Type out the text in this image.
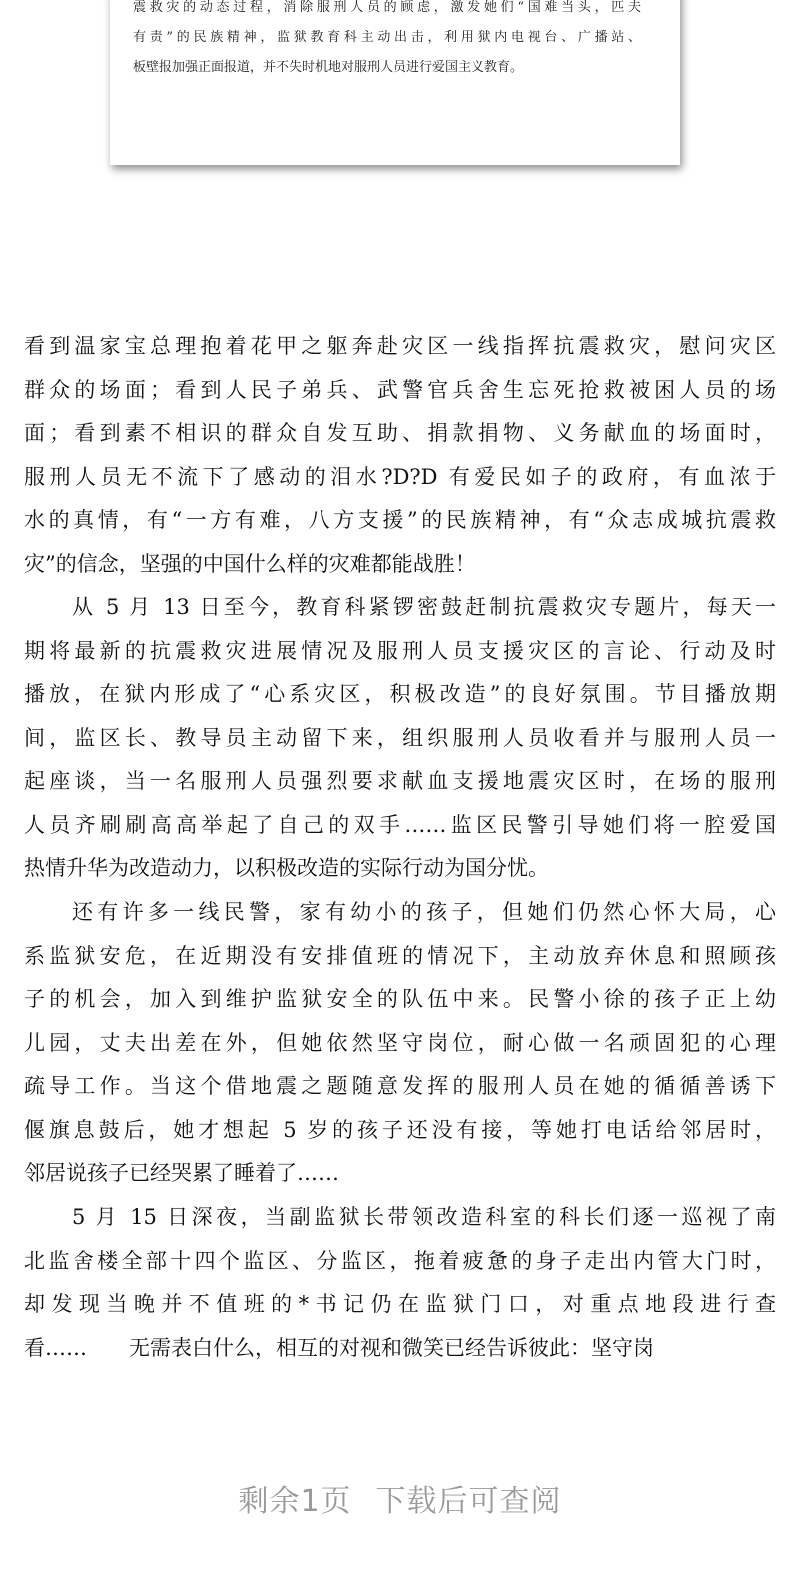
震救灾的动态过程，消除服刑人员的顾虑，激发她们“国难当头，匹夫
有责”的民族精神，监狱教育科主动出击，利用狱内电视台、广播站、
板壁报加强正面报道，并不失时机地对服刑人员进行爱国主义教育。
看到温家宝总理抱着花甲之躯奔赴灾区一线指挥抗震救灾，慰问灾区
群众的场面；看到人民子弟兵、武警官兵舍生忘死抢救被困人员的场
面；看到素不相识的群众自发互助、捐款捐物、义务献血的场面时，
服刑人员无不流下了感动的泪水?D?D 有爱民如子的政府，有血浓于
水的真情，有“一方有难，八方支援”的民族精神，有“众志成城抗震救
灾”的信念，坚强的中国什么样的灾难都能战胜！
从 5 月 13 日至今，教育科紧锣密鼓赶制抗震救灾专题片，每天一
期将最新的抗震救灾进展情况及服刑人员支援灾区的言论、行动及时
播放，在狱内形成了“心系灾区，积极改造”的良好氛围。节目播放期
间，监区长、教导员主动留下来，组织服刑人员收看并与服刑人员一
起座谈，当一名服刑人员强烈要求献血支援地震灾区时，在场的服刑
人员齐刷刷高高举起了自己的双手……监区民警引导她们将一腔爱国
热情升华为改造动力，以积极改造的实际行动为国分忧。
还有许多一线民警，家有幼小的孩子，但她们仍然心怀大局，心
系监狱安危，在近期没有安排值班的情况下，主动放弃休息和照顾孩
子的机会，加入到维护监狱安全的队伍中来。民警小徐的孩子正上幼
儿园，丈夫出差在外，但她依然坚守岗位，耐心做一名顽固犯的心理
疏导工作。当这个借地震之题随意发挥的服刑人员在她的循循善诱下
偃旗息鼓后，她才想起 5 岁的孩子还没有接，等她打电话给邻居时，
邻居说孩子已经哭累了睡着了……
5 月 15 日深夜，当副监狱长带领改造科室的科长们逐一巡视了南
北监舍楼全部十四个监区、分监区，拖着疲惫的身子走出内管大门时，
却发现当晚并不值班的*书记仍在监狱门口，对重点地段进行查
看……　　无需表白什么，相互的对视和微笑已经告诉彼此：坚守岗
剩余1页 下载后可查阅
